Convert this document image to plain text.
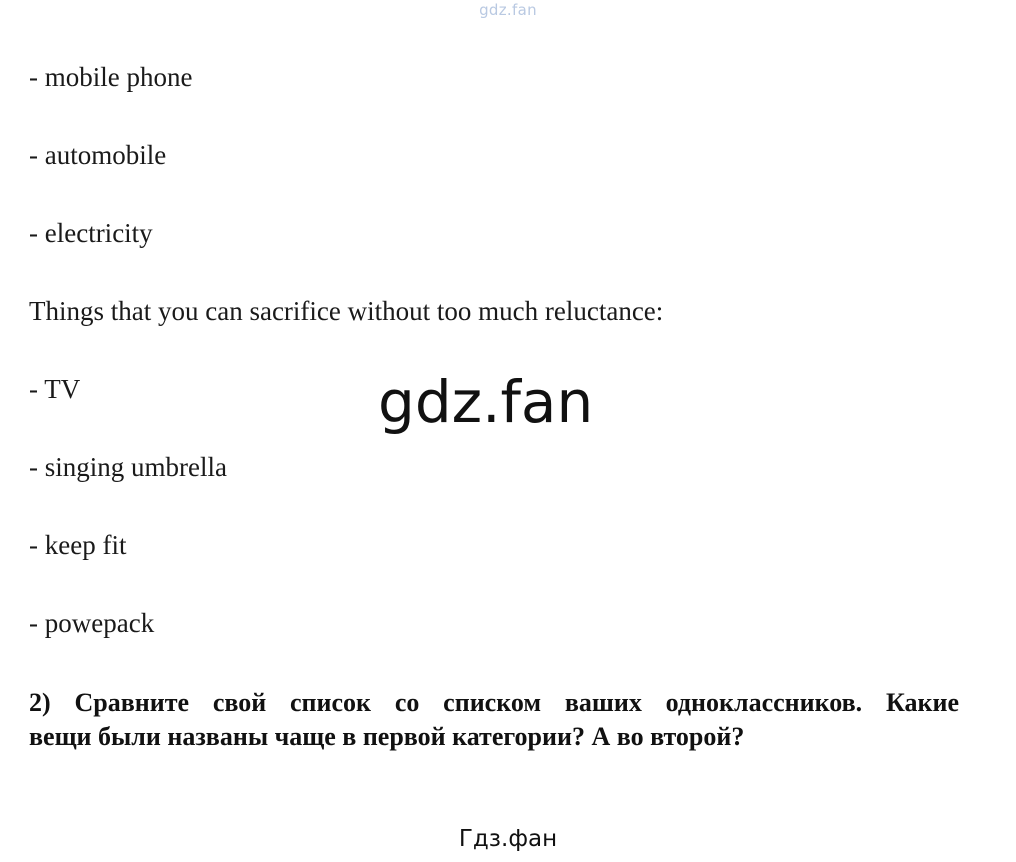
gdz.fan
- mobile phone
- automobile
- electricity
Things that you can sacrifice without too much reluctance:
- TV
- singing umbrella
- keep fit
- powepack
gdz.fan
2) Сравните свой список со списком ваших одноклассников. Какие
вещи были названы чаще в первой категории? А во второй?
Гдз.фан
